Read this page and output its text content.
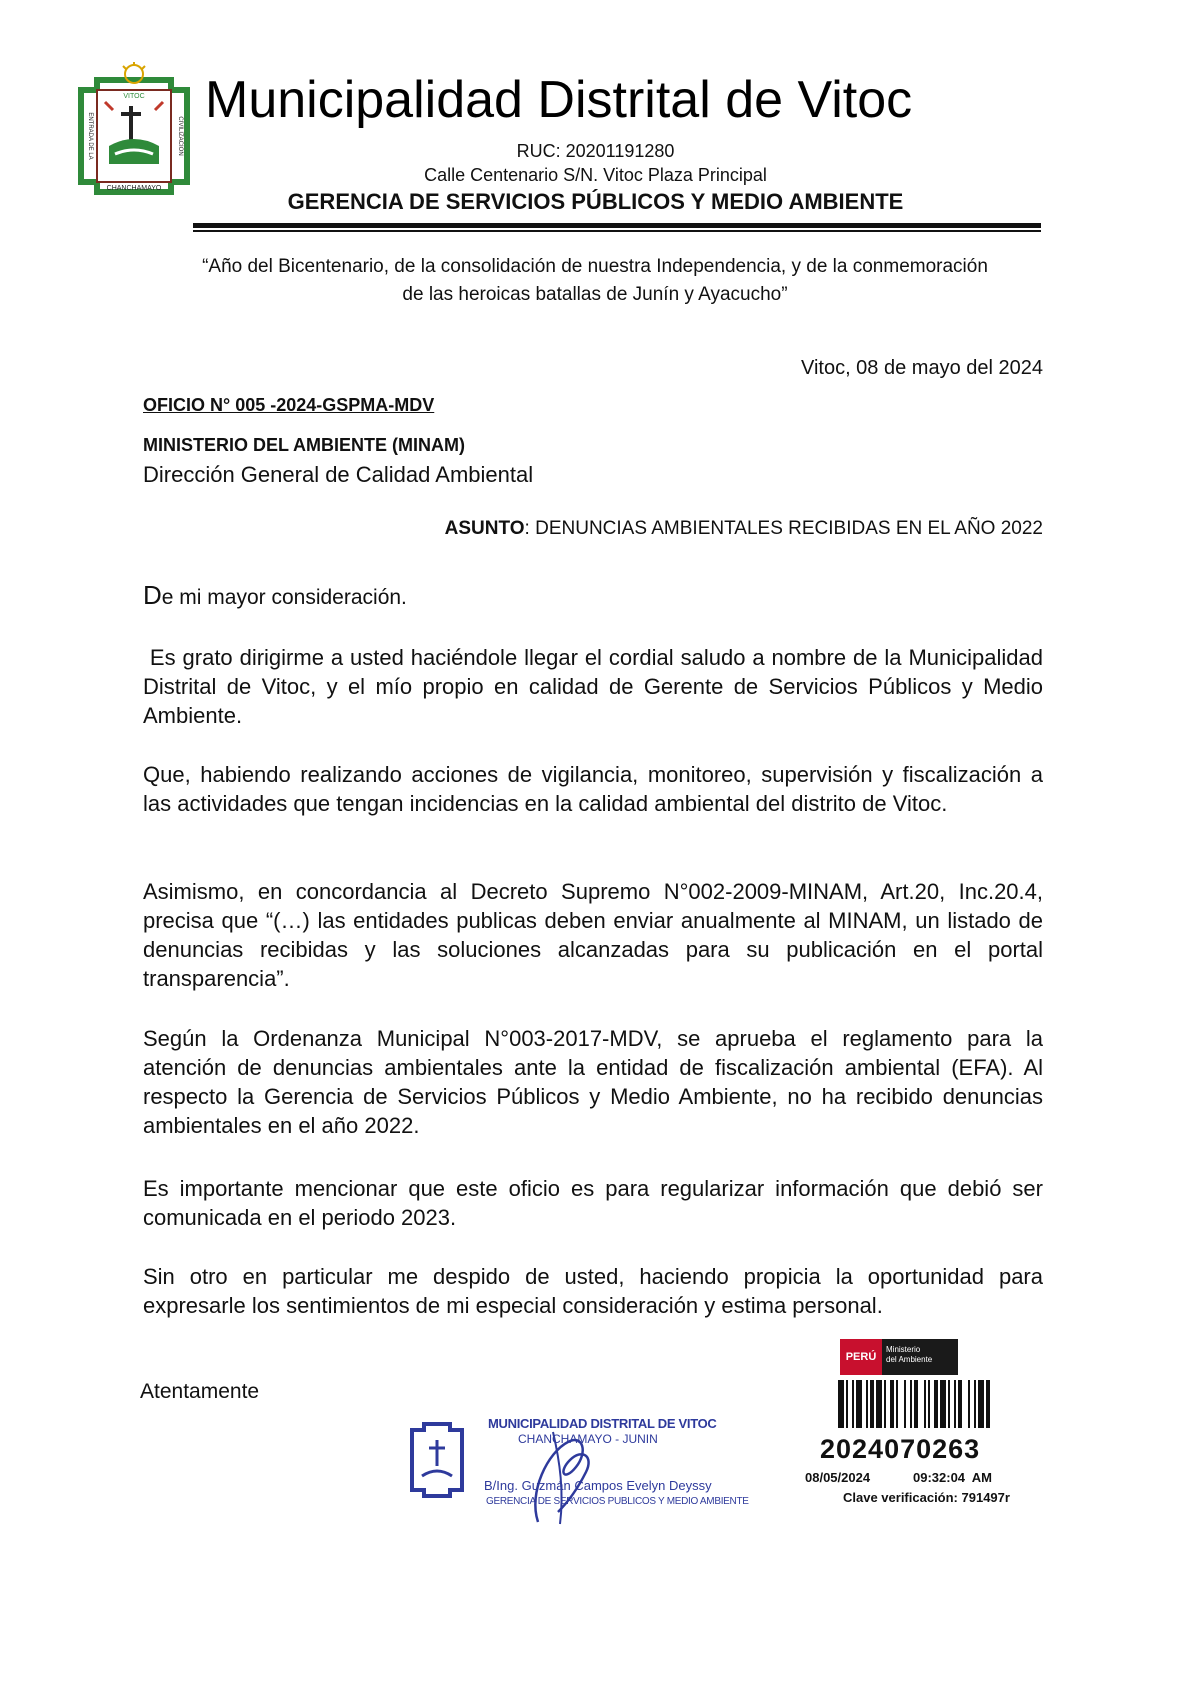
VITOC
CHANCHAMAYO
ENTRADA DE LA	CIVILIZACION
Municipalidad Distrital de Vitoc
RUC: 20201191280
Calle Centenario S/N. Vitoc Plaza Principal
GERENCIA DE SERVICIOS PÚBLICOS Y MEDIO AMBIENTE
“Año del Bicentenario, de la consolidación de nuestra Independencia, y de la conmemoración de las heroicas batallas de Junín y Ayacucho”
Vitoc, 08 de mayo del 2024
OFICIO N° 005 -2024-GSPMA-MDV
MINISTERIO DEL AMBIENTE (MINAM)
Dirección General de Calidad Ambiental
ASUNTO: DENUNCIAS AMBIENTALES RECIBIDAS EN EL AÑO 2022
De mi mayor consideración.
Es grato dirigirme a usted haciéndole llegar el cordial saludo a nombre de la Municipalidad Distrital de Vitoc, y el mío propio en calidad de Gerente de Servicios Públicos y Medio Ambiente.
Que, habiendo realizando acciones de vigilancia, monitoreo, supervisión y fiscalización a las actividades que tengan incidencias en la calidad ambiental del distrito de Vitoc.
Asimismo, en concordancia al Decreto Supremo N°002-2009-MINAM, Art.20, Inc.20.4, precisa que “(…) las entidades publicas deben enviar anualmente al MINAM, un listado de denuncias recibidas y las soluciones alcanzadas para su publicación en el portal transparencia”.
Según la Ordenanza Municipal N°003-2017-MDV, se aprueba el reglamento para la atención de denuncias ambientales ante la entidad de fiscalización ambiental (EFA). Al respecto la Gerencia de Servicios Públicos y Medio Ambiente, no ha recibido denuncias ambientales en el año 2022.
Es importante mencionar que este oficio es para regularizar información que debió ser comunicada en el periodo 2023.
Sin otro en particular me despido de usted, haciendo propicia la oportunidad para expresarle los sentimientos de mi especial consideración y estima personal.
Atentamente
MUNICIPALIDAD DISTRITAL DE VITOC
CHANCHAMAYO - JUNIN
B/Ing. Guzmán Campos Evelyn Deyssy
GERENCIA DE SERVICIOS PUBLICOS Y MEDIO AMBIENTE
PERÚ
Ministerio
del Ambiente
2024070263
08/05/2024	09:32:04  AM
Clave verificación: 791497r
